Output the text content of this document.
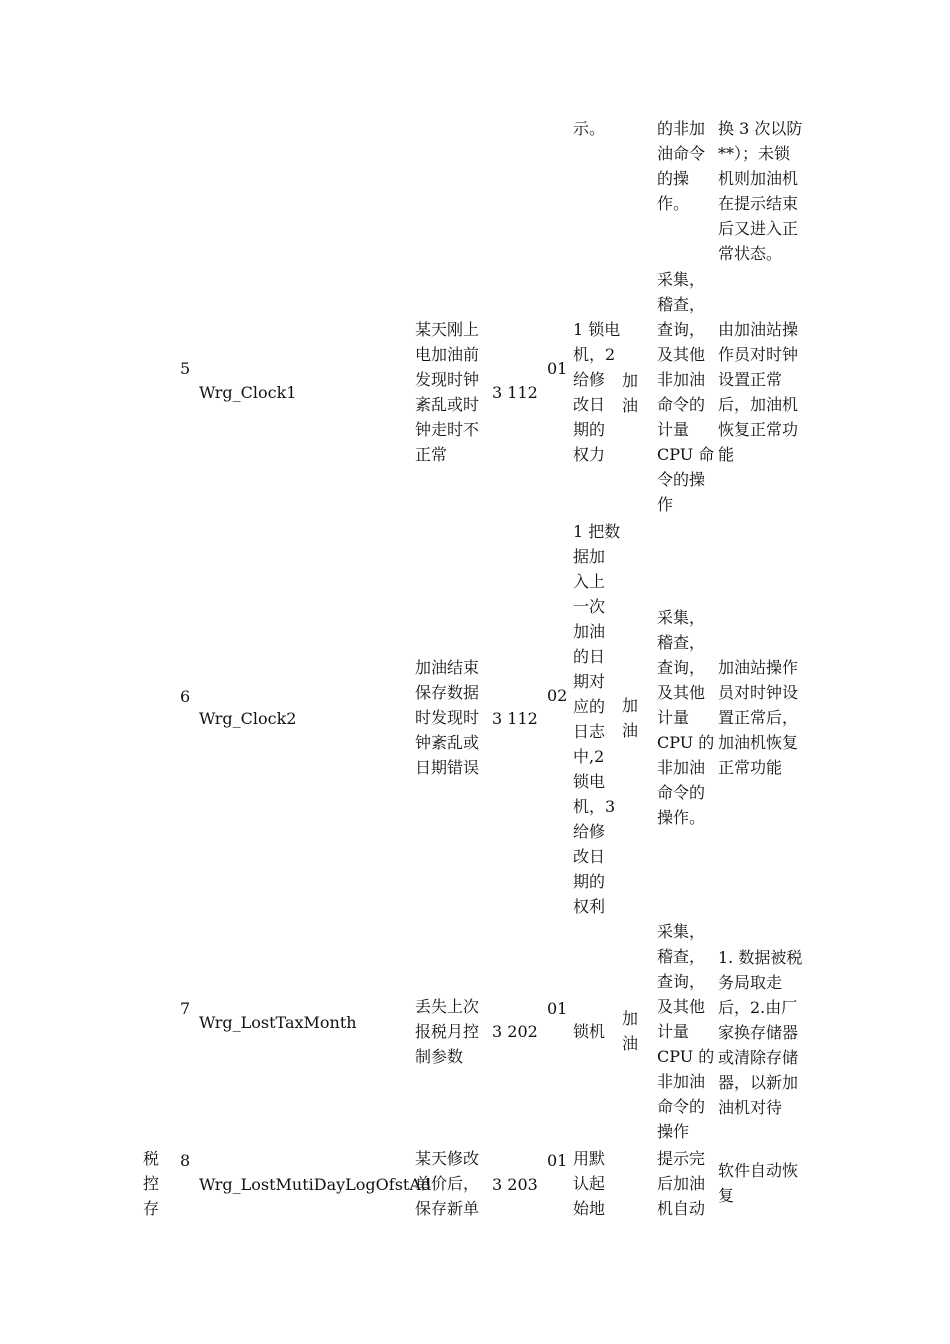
示。	的非加
油命令
的操
作。
换 3 次以防
**）；未锁
机则加油机
在提示结束
后又进入正
常状态。
5
Wrg_Clock1
某天刚上
电加油前
发现时钟
紊乱或时
钟走时不
正常
3 112
01
1 锁电
机，2
给修
改日
期的
权力
加
油
采集，
稽查，
查询，
及其他
非加油
命令的
计量
CPU 命
令的操
作
由加油站操
作员对时钟
设置正常
后，加油机
恢复正常功
能
6
Wrg_Clock2
加油结束
保存数据
时发现时
钟紊乱或
日期错误
3 112
02
1 把数
据加
入上
一次
加油
的日
期对
应的
日志
中,2
锁电
机，3
给修
改日
期的
权利
加
油
采集，
稽查，
查询，
及其他
计量
CPU 的
非加油
命令的
操作。
加油站操作
员对时钟设
置正常后，
加油机恢复
正常功能
7
Wrg_LostTaxMonth
丢失上次
报税月控
制参数
3 202
01
锁机
加
油
采集，
稽查，
查询，
及其他
计量
CPU 的
非加油
命令的
操作
1. 数据被税
务局取走
后，2.由厂
家换存储器
或清除存储
器，以新加
油机对待
税
控
存
8
Wrg_LostMutiDayLogOfstAd
某天修改
单价后，
保存新单
3 203
01 用默
认起
始地
提示完
后加油
机自动
软件自动恢
复
